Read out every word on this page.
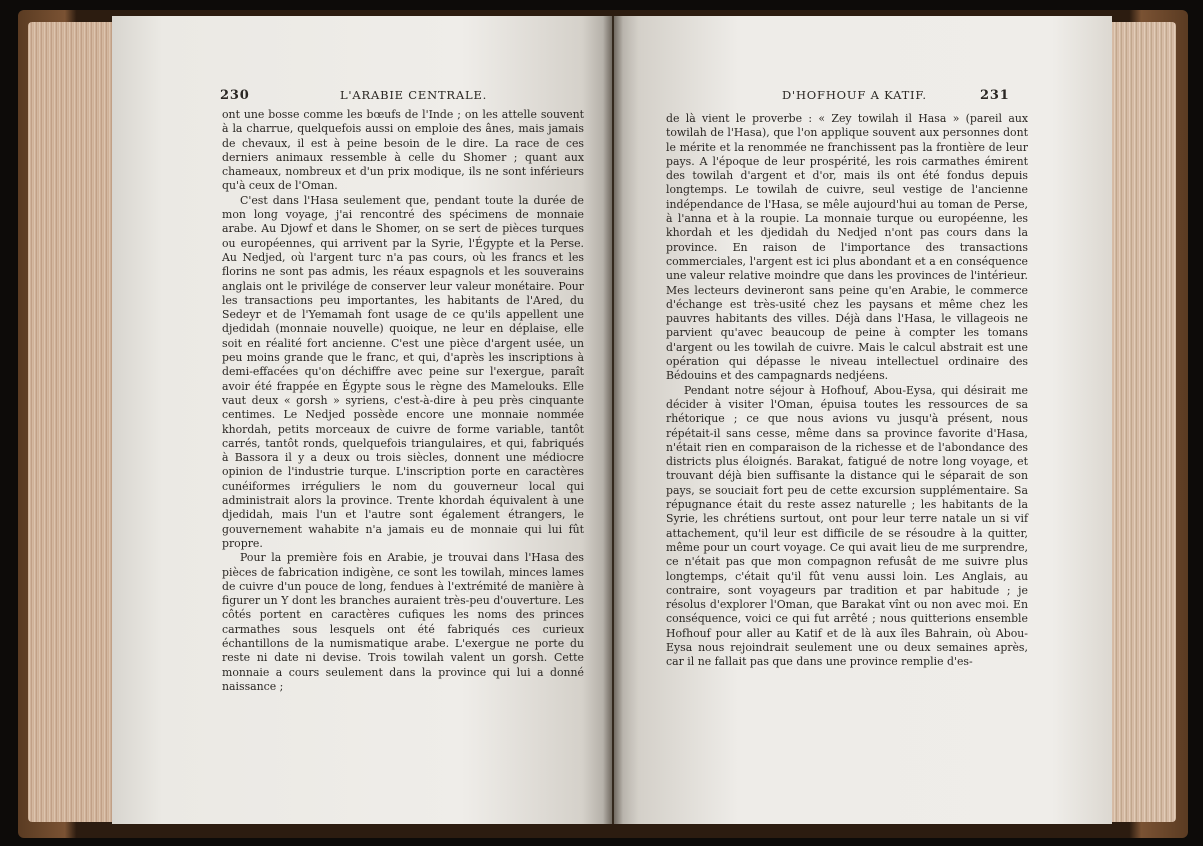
230	L'ARABIE CENTRALE.

ont une bosse comme les bœufs de l'Inde ; on les attelle souvent à la charrue, quelquefois aussi on emploie des ânes, mais jamais de chevaux, il est à peine besoin de le dire. La race de ces derniers animaux ressemble à celle du Shomer ; quant aux chameaux, nombreux et d'un prix modique, ils ne sont inférieurs qu'à ceux de l'Oman.

C'est dans l'Hasa seulement que, pendant toute la durée de mon long voyage, j'ai rencontré des spécimens de monnaie arabe. Au Djowf et dans le Shomer, on se sert de pièces turques ou européennes, qui arrivent par la Syrie, l'Égypte et la Perse. Au Nedjed, où l'argent turc n'a pas cours, où les francs et les florins ne sont pas admis, les réaux espagnols et les souverains anglais ont le privilége de conserver leur valeur monétaire. Pour les transactions peu importantes, les habitants de l'Ared, du Sedeyr et de l'Yemamah font usage de ce qu'ils appellent une djedidah (monnaie nouvelle) quoique, ne leur en déplaise, elle soit en réalité fort ancienne. C'est une pièce d'argent usée, un peu moins grande que le franc, et qui, d'après les inscriptions à demi-effacées qu'on déchiffre avec peine sur l'exergue, paraît avoir été frappée en Égypte sous le règne des Mamelouks. Elle vaut deux « gorsh » syriens, c'est-à-dire à peu près cinquante centimes. Le Nedjed possède encore une monnaie nommée khordah, petits morceaux de cuivre de forme variable, tantôt carrés, tantôt ronds, quelquefois triangulaires, et qui, fabriqués à Bassora il y a deux ou trois siècles, donnent une médiocre opinion de l'industrie turque. L'inscription porte en caractères cunéiformes irréguliers le nom du gouverneur local qui administrait alors la province. Trente khordah équivalent à une djedidah, mais l'un et l'autre sont également étrangers, le gouvernement wahabite n'a jamais eu de monnaie qui lui fût propre.

Pour la première fois en Arabie, je trouvai dans l'Hasa des pièces de fabrication indigène, ce sont les towilah, minces lames de cuivre d'un pouce de long, fendues à l'extrémité de manière à figurer un Y dont les branches auraient très-peu d'ouverture. Les côtés portent en caractères cufiques les noms des princes carmathes sous lesquels ont été fabriqués ces curieux échantillons de la numismatique arabe. L'exergue ne porte du reste ni date ni devise. Trois towilah valent un gorsh. Cette monnaie a cours seulement dans la province qui lui a donné naissance ;

D'HOFHOUF A KATIF.	231

de là vient le proverbe : « Zey towilah il Hasa » (pareil aux towilah de l'Hasa), que l'on applique souvent aux personnes dont le mérite et la renommée ne franchissent pas la frontière de leur pays. A l'époque de leur prospérité, les rois carmathes émirent des towilah d'argent et d'or, mais ils ont été fondus depuis longtemps. Le towilah de cuivre, seul vestige de l'ancienne indépendance de l'Hasa, se mêle aujourd'hui au toman de Perse, à l'anna et à la roupie. La monnaie turque ou européenne, les khordah et les djedidah du Nedjed n'ont pas cours dans la province. En raison de l'importance des transactions commerciales, l'argent est ici plus abondant et a en conséquence une valeur relative moindre que dans les provinces de l'intérieur. Mes lecteurs devineront sans peine qu'en Arabie, le commerce d'échange est très-usité chez les paysans et même chez les pauvres habitants des villes. Déjà dans l'Hasa, le villageois ne parvient qu'avec beaucoup de peine à compter les tomans d'argent ou les towilah de cuivre. Mais le calcul abstrait est une opération qui dépasse le niveau intellectuel ordinaire des Bédouins et des campagnards nedjéens.

Pendant notre séjour à Hofhouf, Abou-Eysa, qui désirait me décider à visiter l'Oman, épuisa toutes les ressources de sa rhétorique ; ce que nous avions vu jusqu'à présent, nous répétait-il sans cesse, même dans sa province favorite d'Hasa, n'était rien en comparaison de la richesse et de l'abondance des districts plus éloignés. Barakat, fatigué de notre long voyage, et trouvant déjà bien suffisante la distance qui le séparait de son pays, se souciait fort peu de cette excursion supplémentaire. Sa répugnance était du reste assez naturelle ; les habitants de la Syrie, les chrétiens surtout, ont pour leur terre natale un si vif attachement, qu'il leur est difficile de se résoudre à la quitter, même pour un court voyage. Ce qui avait lieu de me surprendre, ce n'était pas que mon compagnon refusât de me suivre plus longtemps, c'était qu'il fût venu aussi loin. Les Anglais, au contraire, sont voyageurs par tradition et par habitude ; je résolus d'explorer l'Oman, que Barakat vînt ou non avec moi. En conséquence, voici ce qui fut arrêté ; nous quitterions ensemble Hofhouf pour aller au Katif et de là aux îles Bahrain, où Abou-Eysa nous rejoindrait seulement une ou deux semaines après, car il ne fallait pas que dans une province remplie d'es-
